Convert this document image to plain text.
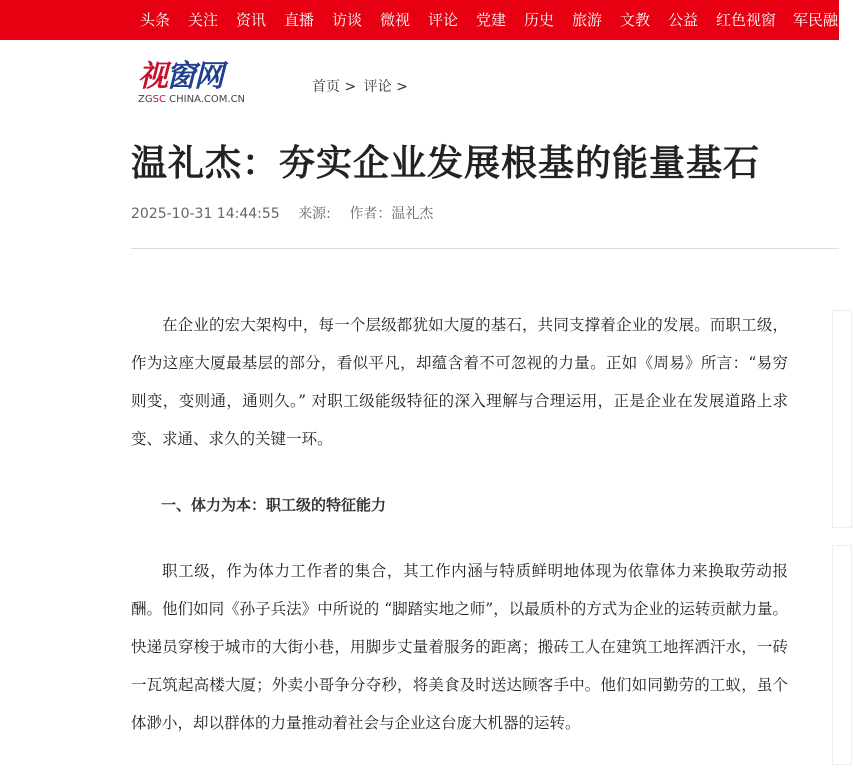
头条 关注 资讯 直播 访谈 微视 评论 党建 历史 旅游 文教 公益 红色视窗 军民融合
视窗网
ZGSC CHINA.COM.CN
首页 > 评论 >
温礼杰：夯实企业发展根基的能量基石
2025-10-31 14:44:55 来源: 作者：温礼杰

在企业的宏大架构中，每一个层级都犹如大厦的基石，共同支撑着企业的发展。而职工级，作为这座大厦最基层的部分，看似平凡，却蕴含着不可忽视的力量。正如《周易》所言：“易穷则变，变则通，通则久。” 对职工级能级特征的深入理解与合理运用，正是企业在发展道路上求变、求通、求久的关键一环。

一、体力为本：职工级的特征能力

职工级，作为体力工作者的集合，其工作内涵与特质鲜明地体现为依靠体力来换取劳动报酬。他们如同《孙子兵法》中所说的 “脚踏实地之师”，以最质朴的方式为企业的运转贡献力量。快递员穿梭于城市的大街小巷，用脚步丈量着服务的距离；搬砖工人在建筑工地挥洒汗水，一砖一瓦筑起高楼大厦；外卖小哥争分夺秒，将美食及时送达顾客手中。他们如同勤劳的工蚁，虽个体渺小，却以群体的力量推动着社会与企业这台庞大机器的运转。
